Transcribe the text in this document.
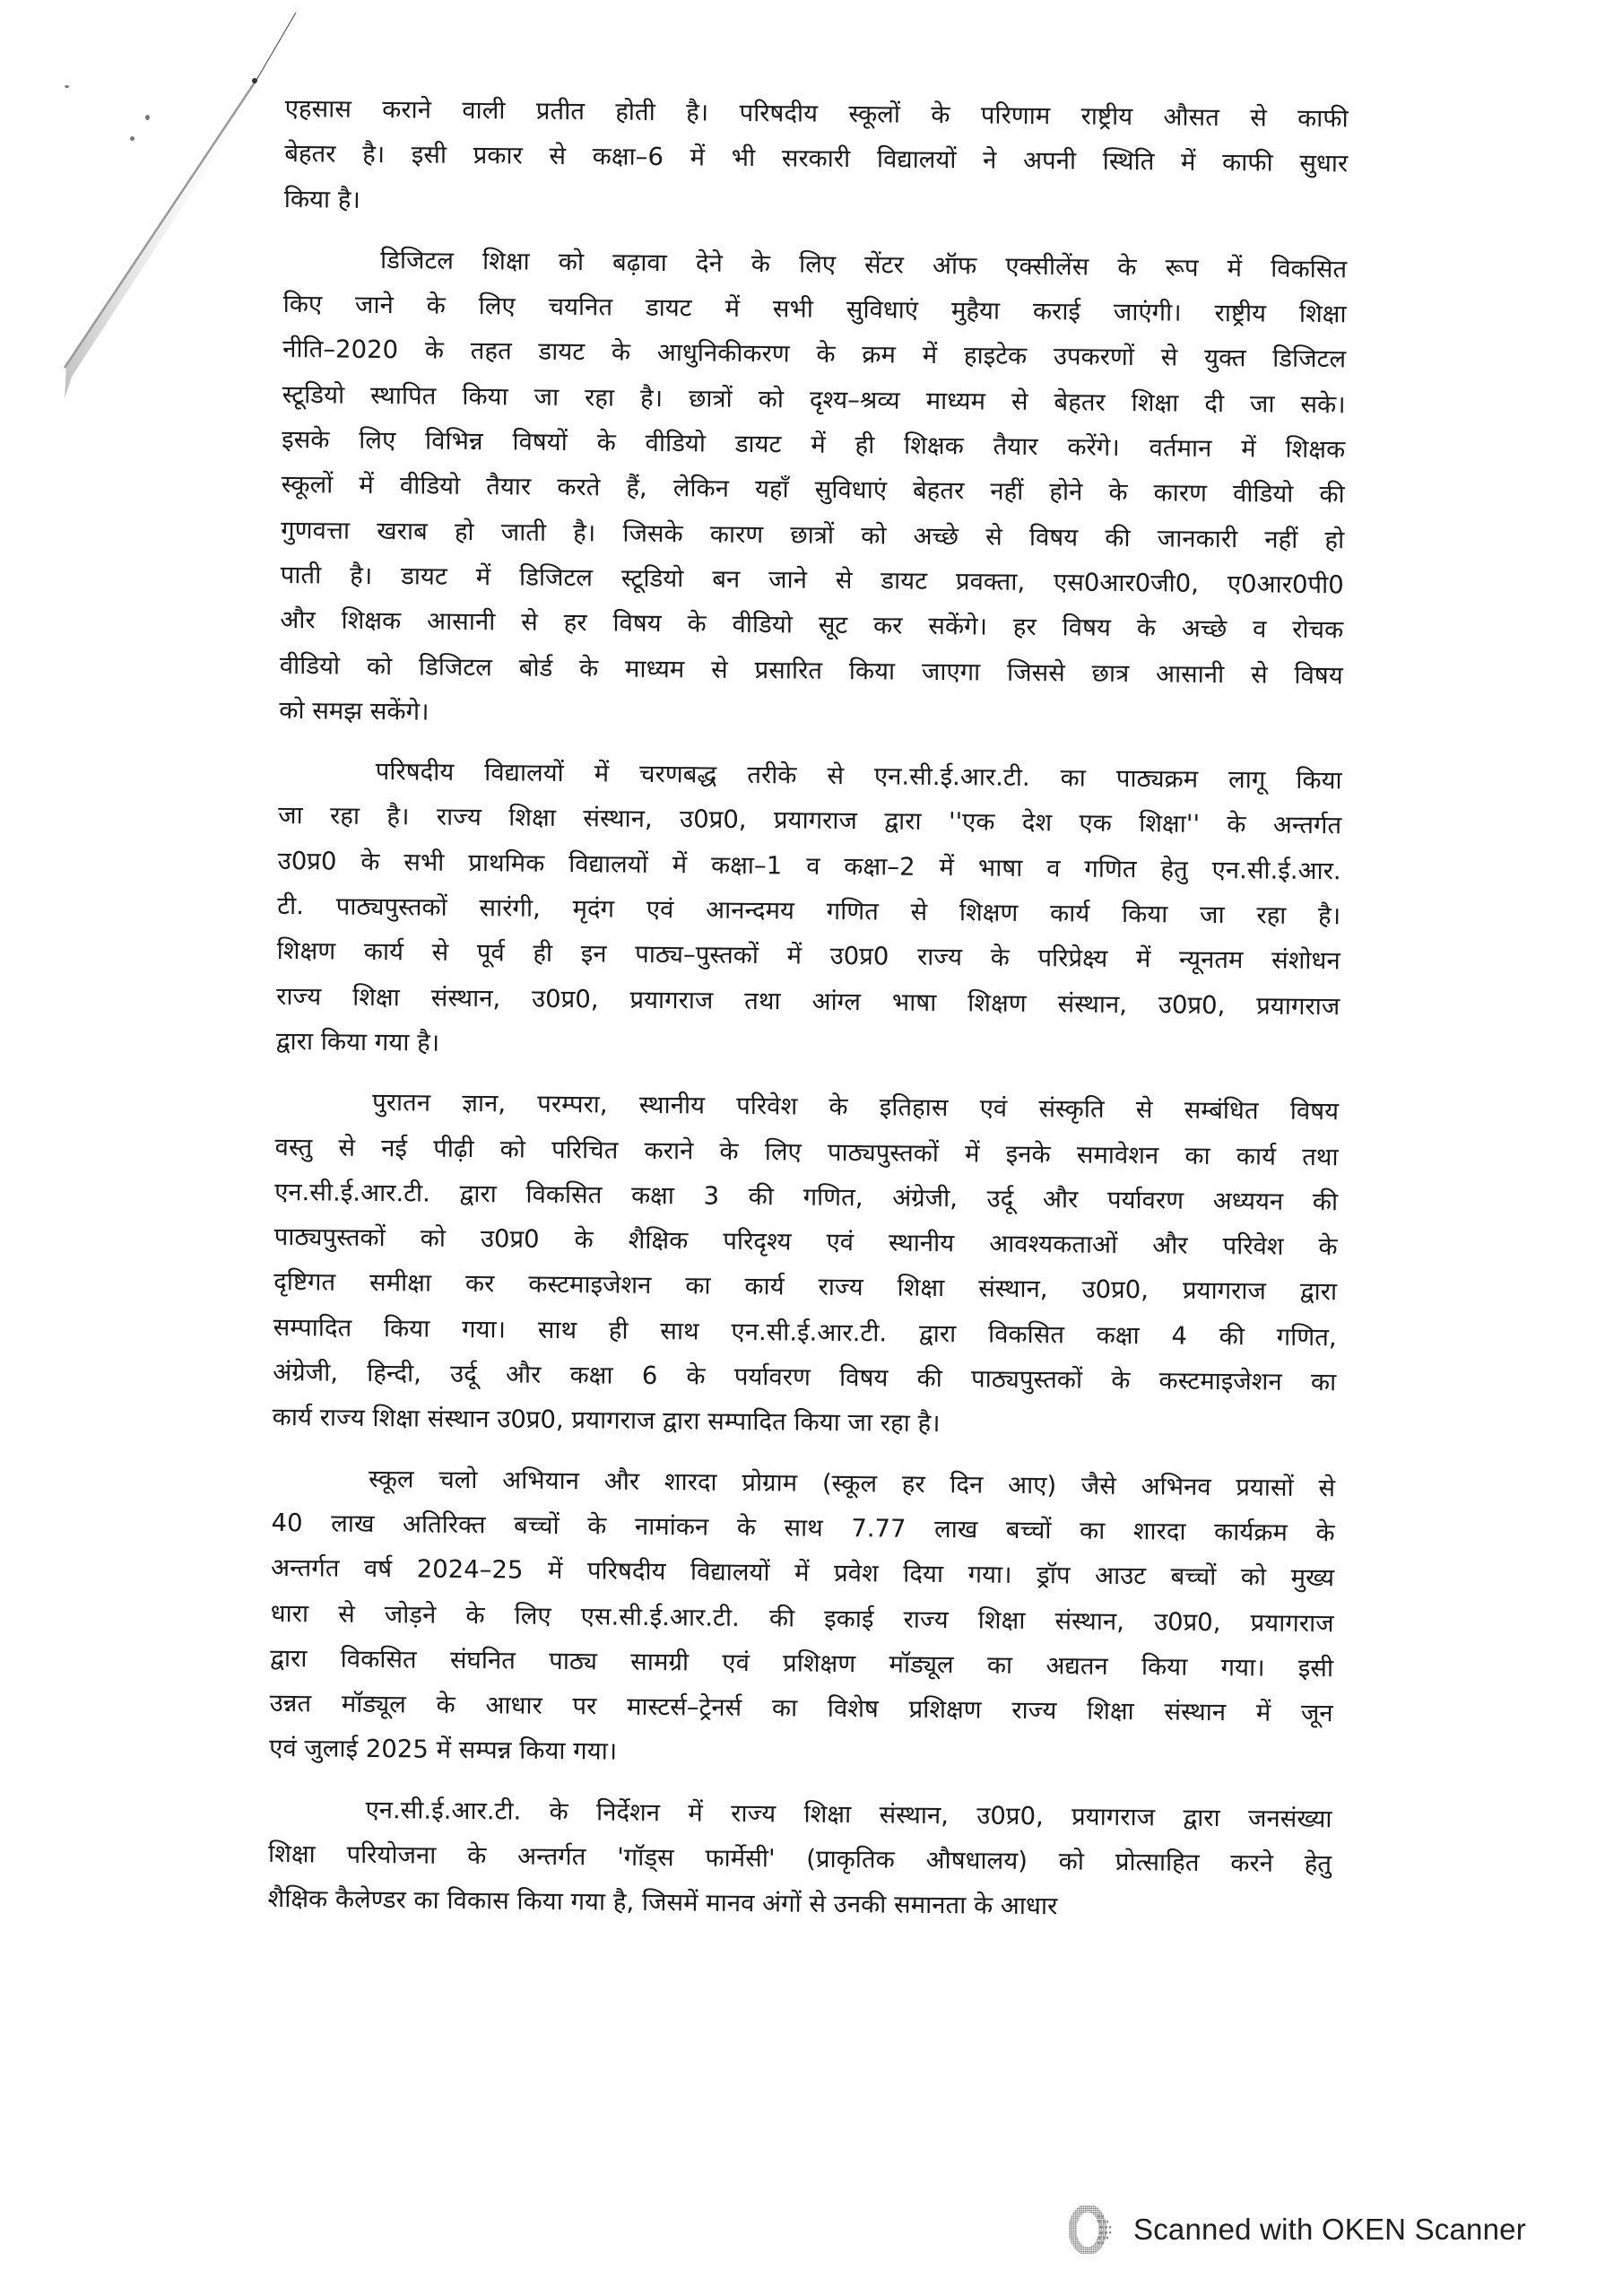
एहसास कराने वाली प्रतीत होती है। परिषदीय स्कूलों के परिणाम राष्ट्रीय औसत से काफी
बेहतर है। इसी प्रकार से कक्षा–6 में भी सरकारी विद्यालयों ने अपनी स्थिति में काफी सुधार
किया है।
डिजिटल शिक्षा को बढ़ावा देने के लिए सेंटर ऑफ एक्सीलेंस के रूप में विकसित
किए जाने के लिए चयनित डायट में सभी सुविधाएं मुहैया कराई जाएंगी। राष्ट्रीय शिक्षा
नीति–2020 के तहत डायट के आधुनिकीकरण के क्रम में हाइटेक उपकरणों से युक्त डिजिटल
स्टूडियो स्थापित किया जा रहा है। छात्रों को दृश्य–श्रव्य माध्यम से बेहतर शिक्षा दी जा सके।
इसके लिए विभिन्न विषयों के वीडियो डायट में ही शिक्षक तैयार करेंगे। वर्तमान में शिक्षक
स्कूलों में वीडियो तैयार करते हैं, लेकिन यहाँ सुविधाएं बेहतर नहीं होने के कारण वीडियो की
गुणवत्ता खराब हो जाती है। जिसके कारण छात्रों को अच्छे से विषय की जानकारी नहीं हो
पाती है। डायट में डिजिटल स्टूडियो बन जाने से डायट प्रवक्ता, एस0आर0जी0, ए0आर0पी0
और शिक्षक आसानी से हर विषय के वीडियो सूट कर सकेंगे। हर विषय के अच्छे व रोचक
वीडियो को डिजिटल बोर्ड के माध्यम से प्रसारित किया जाएगा जिससे छात्र आसानी से विषय
को समझ सकेंगे।
परिषदीय विद्यालयों में चरणबद्ध तरीके से एन.सी.ई.आर.टी. का पाठ्यक्रम लागू किया
जा रहा है। राज्य शिक्षा संस्थान, उ0प्र0, प्रयागराज द्वारा ''एक देश एक शिक्षा'' के अन्तर्गत
उ0प्र0 के सभी प्राथमिक विद्यालयों में कक्षा–1 व कक्षा–2 में भाषा व गणित हेतु एन.सी.ई.आर.
टी. पाठ्यपुस्तकों सारंगी, मृदंग एवं आनन्दमय गणित से शिक्षण कार्य किया जा रहा है।
शिक्षण कार्य से पूर्व ही इन पाठ्य–पुस्तकों में उ0प्र0 राज्य के परिप्रेक्ष्य में न्यूनतम संशोधन
राज्य शिक्षा संस्थान, उ0प्र0, प्रयागराज तथा आंग्ल भाषा शिक्षण संस्थान, उ0प्र0, प्रयागराज
द्वारा किया गया है।
पुरातन ज्ञान, परम्परा, स्थानीय परिवेश के इतिहास एवं संस्कृति से सम्बंधित विषय
वस्तु से नई पीढ़ी को परिचित कराने के लिए पाठ्यपुस्तकों में इनके समावेशन का कार्य तथा
एन.सी.ई.आर.टी. द्वारा विकसित कक्षा 3 की गणित, अंग्रेजी, उर्दू और पर्यावरण अध्ययन की
पाठ्यपुस्तकों को उ0प्र0 के शैक्षिक परिदृश्य एवं स्थानीय आवश्यकताओं और परिवेश के
दृष्टिगत समीक्षा कर कस्टमाइजेशन का कार्य राज्य शिक्षा संस्थान, उ0प्र0, प्रयागराज द्वारा
सम्पादित किया गया। साथ ही साथ एन.सी.ई.आर.टी. द्वारा विकसित कक्षा 4 की गणित,
अंग्रेजी, हिन्दी, उर्दू और कक्षा 6 के पर्यावरण विषय की पाठ्यपुस्तकों के कस्टमाइजेशन का
कार्य राज्य शिक्षा संस्थान उ0प्र0, प्रयागराज द्वारा सम्पादित किया जा रहा है।
स्कूल चलो अभियान और शारदा प्रोग्राम (स्कूल हर दिन आए) जैसे अभिनव प्रयासों से
40 लाख अतिरिक्त बच्चों के नामांकन के साथ 7.77 लाख बच्चों का शारदा कार्यक्रम के
अन्तर्गत वर्ष 2024–25 में परिषदीय विद्यालयों में प्रवेश दिया गया। ड्रॉप आउट बच्चों को मुख्य
धारा से जोड़ने के लिए एस.सी.ई.आर.टी. की इकाई राज्य शिक्षा संस्थान, उ0प्र0, प्रयागराज
द्वारा विकसित संघनित पाठ्य सामग्री एवं प्रशिक्षण मॉड्यूल का अद्यतन किया गया। इसी
उन्नत मॉड्यूल के आधार पर मास्टर्स–ट्रेनर्स का विशेष प्रशिक्षण राज्य शिक्षा संस्थान में जून
एवं जुलाई 2025 में सम्पन्न किया गया।
एन.सी.ई.आर.टी. के निर्देशन में राज्य शिक्षा संस्थान, उ0प्र0, प्रयागराज द्वारा जनसंख्या
शिक्षा परियोजना के अन्तर्गत 'गॉड्स फार्मेसी' (प्राकृतिक औषधालय) को प्रोत्साहित करने हेतु
शैक्षिक कैलेण्डर का विकास किया गया है, जिसमें मानव अंगों से उनकी समानता के आधार
Scanned with OKEN Scanner
